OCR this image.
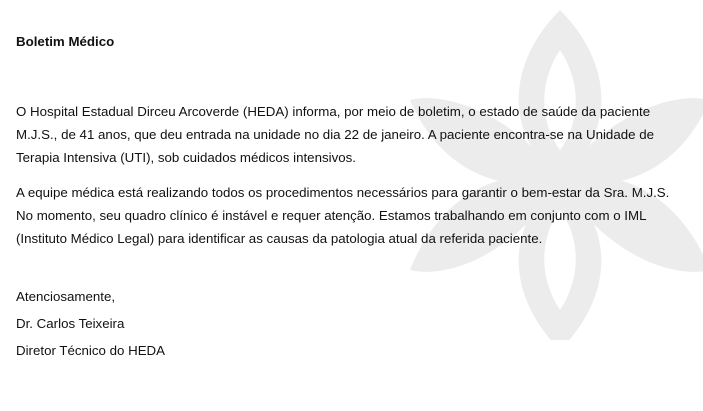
Boletim Médico

O Hospital Estadual Dirceu Arcoverde (HEDA) informa, por meio de boletim, o estado de saúde da paciente M.J.S., de 41 anos, que deu entrada na unidade no dia 22 de janeiro. A paciente encontra-se na Unidade de Terapia Intensiva (UTI), sob cuidados médicos intensivos.

A equipe médica está realizando todos os procedimentos necessários para garantir o bem-estar da Sra. M.J.S. No momento, seu quadro clínico é instável e requer atenção. Estamos trabalhando em conjunto com o IML (Instituto Médico Legal) para identificar as causas da patologia atual da referida paciente.

Atenciosamente,
Dr. Carlos Teixeira
Diretor Técnico do HEDA
